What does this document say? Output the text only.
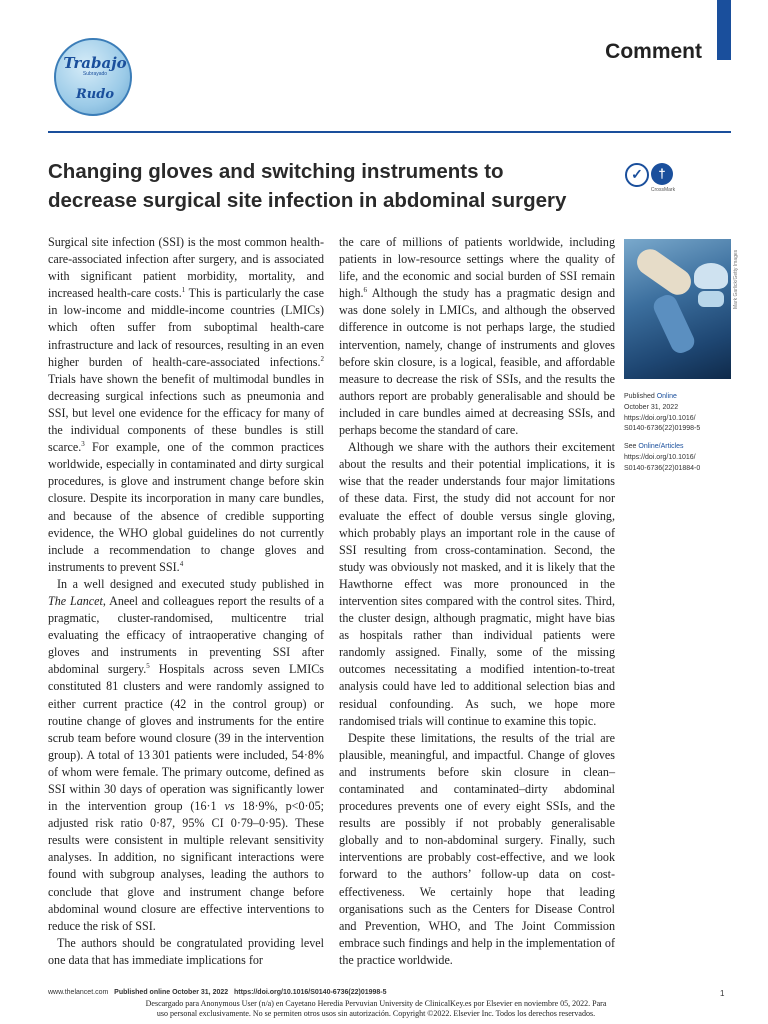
Comment
Trabajo
Subrayado
Rudo
Changing gloves and switching instruments to decrease surgical site infection in abdominal surgery
✓	†
CrossMark

Surgical site infection (SSI) is the most common health-care-associated infection after surgery, and is associated with significant patient morbidity, mortality, and increased health-care costs.$^1$ This is particularly the case in low-income and middle-income countries (LMICs) which often suffer from suboptimal health-care infrastructure and lack of resources, resulting in an even higher burden of health-care-associated infections.$^2$ Trials have shown the benefit of multimodal bundles in decreasing surgical infections such as pneumonia and SSI, but level one evidence for the efficacy for many of the individual components of these bundles is still scarce.$^3$ For example, one of the common practices worldwide, especially in contaminated and dirty surgical procedures, is glove and instrument change before skin closure. Despite its incorporation in many care bundles, and because of the absence of credible supporting evidence, the WHO global guidelines do not currently include a recommendation to change gloves and instruments to prevent SSI.$^4$

In a well designed and executed study published in The Lancet, Aneel and colleagues report the results of a pragmatic, cluster-randomised, multicentre trial evaluating the efficacy of intraoperative changing of gloves and instruments in preventing SSI after abdominal surgery.$^5$ Hospitals across seven LMICs constituted 81 clusters and were randomly assigned to either current practice (42 in the control group) or routine change of gloves and instruments for the entire scrub team before wound closure (39 in the intervention group). A total of 13 301 patients were included, 54·8% of whom were female. The primary outcome, defined as SSI within 30 days of operation was significantly lower in the intervention group (16·1 vs 18·9%, p<0·05; adjusted risk ratio 0·87, 95% CI 0·79–0·95). These results were consistent in multiple relevant sensitivity analyses. In addition, no significant interactions were found with subgroup analyses, leading the authors to conclude that glove and instrument change before abdominal wound closure are effective interventions to reduce the risk of SSI.

The authors should be congratulated providing level one data that has immediate implications for

the care of millions of patients worldwide, including patients in low-resource settings where the quality of life, and the economic and social burden of SSI remain high.$^6$ Although the study has a pragmatic design and was done solely in LMICs, and although the observed difference in outcome is not perhaps large, the studied intervention, namely, change of instruments and gloves before skin closure, is a logical, feasible, and affordable measure to decrease the risk of SSIs, and the results the authors report are probably generalisable and should be included in care bundles aimed at decreasing SSIs, and perhaps become the standard of care.

Although we share with the authors their excitement about the results and their potential implications, it is wise that the reader understands four major limitations of these data. First, the study did not account for nor evaluate the effect of double versus single gloving, which probably plays an important role in the cause of SSI resulting from cross-contamination. Second, the study was obviously not masked, and it is likely that the Hawthorne effect was more pronounced in the intervention sites compared with the control sites. Third, the cluster design, although pragmatic, might have bias as hospitals rather than individual patients were randomly assigned. Finally, some of the missing outcomes necessitating a modified intention-to-treat analysis could have led to additional selection bias and residual confounding. As such, we hope more randomised trials will continue to examine this topic.

Despite these limitations, the results of the trial are plausible, meaningful, and impactful. Change of gloves and instruments before skin closure in clean–contaminated and contaminated–dirty abdominal procedures prevents one of every eight SSIs, and the results are possibly if not probably generalisable globally and to non-abdominal surgery. Finally, such interventions are probably cost-effective, and we look forward to the authors’ follow-up data on cost-effectiveness. We certainly hope that leading organisations such as the Centers for Disease Control and Prevention, WHO, and The Joint Commission embrace such findings and help in the implementation of the practice worldwide.

Mark Garlick/Getty Images
Published Online
October 31, 2022
https://doi.org/10.1016/
S0140-6736(22)01998-5
See Online/Articles
https://doi.org/10.1016/
S0140-6736(22)01884-0
www.thelancet.com Published online October 31, 2022 https://doi.org/10.1016/S0140-6736(22)01998-5	1
Descargado para Anonymous User (n/a) en Cayetano Heredia Pervuvian University de ClinicalKey.es por Elsevier en noviembre 05, 2022. Para
uso personal exclusivamente. No se permiten otros usos sin autorización. Copyright ©2022. Elsevier Inc. Todos los derechos reservados.
